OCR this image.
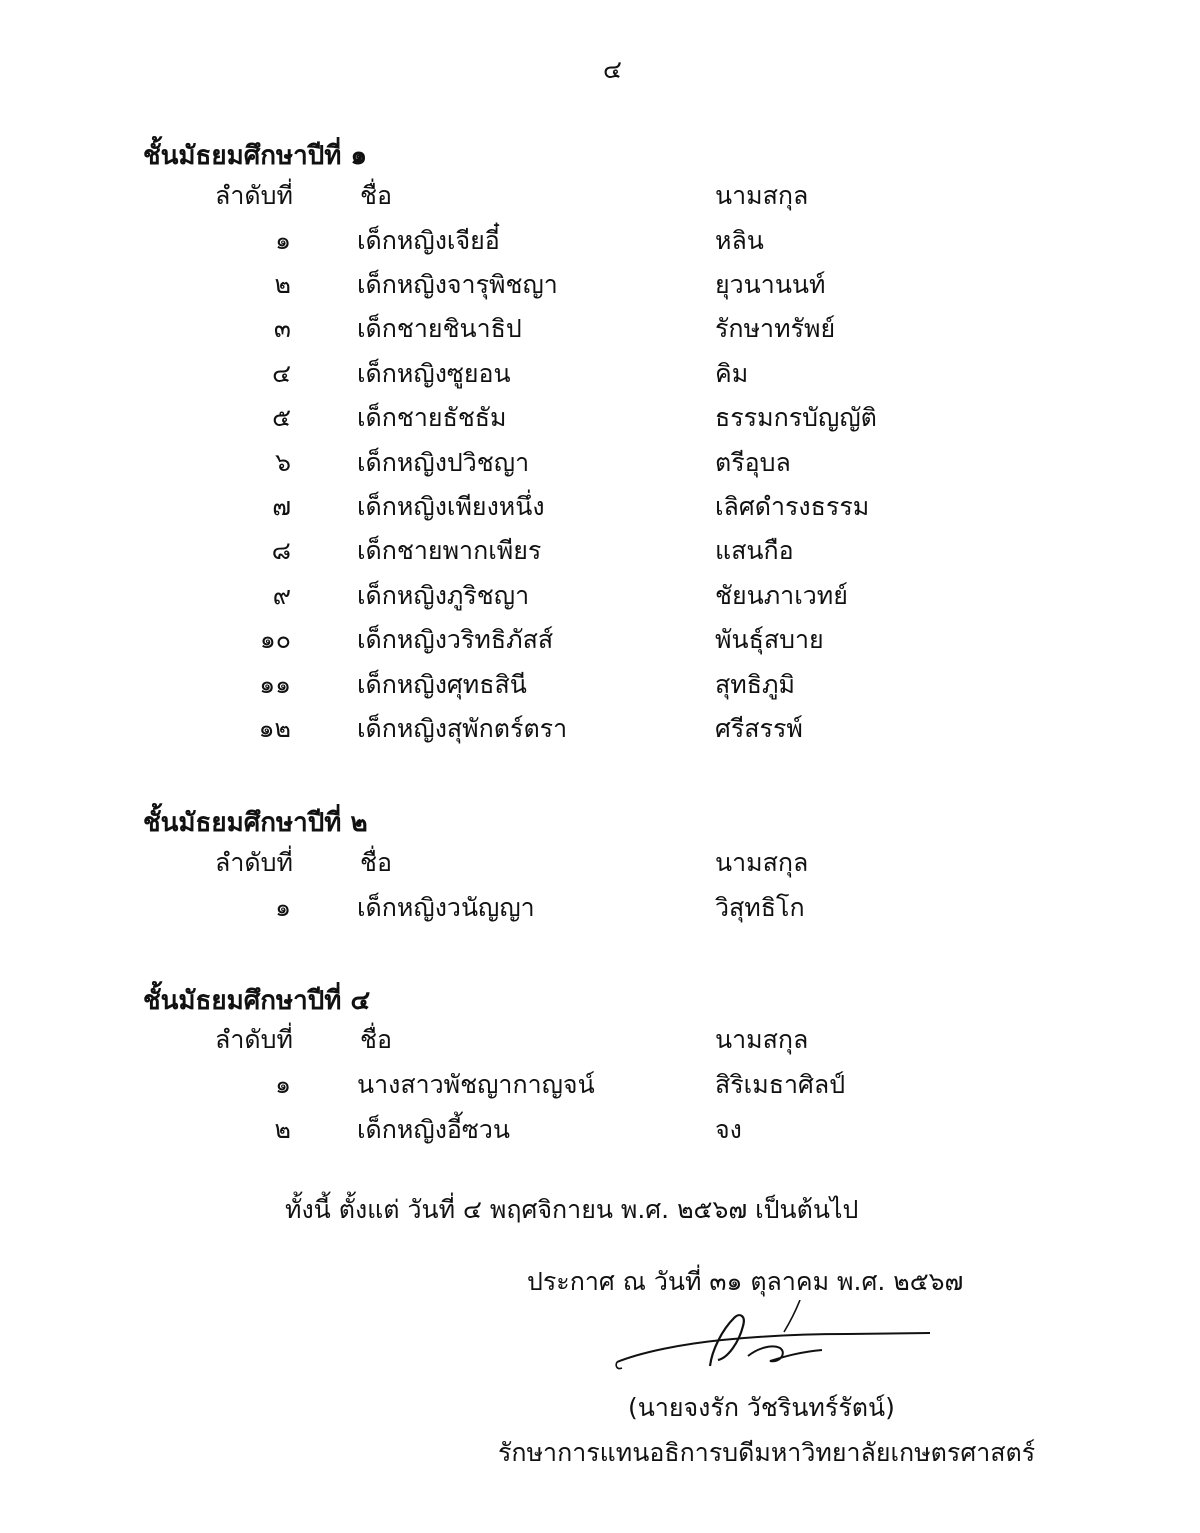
๔
ชั้นมัธยมศึกษาปีที่ ๑
ลำดับที่	ชื่อ	นามสกุล
๑	เด็กหญิงเจียอี๋	หลิน
๒	เด็กหญิงจารุพิชญา	ยุวนานนท์
๓	เด็กชายชินาธิป	รักษาทรัพย์
๔	เด็กหญิงซูยอน	คิม
๕	เด็กชายธัชธัม	ธรรมกรบัญญัติ
๖	เด็กหญิงปวิชญา	ตรีอุบล
๗	เด็กหญิงเพียงหนึ่ง	เลิศดำรงธรรม
๘	เด็กชายพากเพียร	แสนกือ
๙	เด็กหญิงภูริชญา	ชัยนภาเวทย์
๑๐	เด็กหญิงวริทธิภัสส์	พันธุ์สบาย
๑๑	เด็กหญิงศุทธสินี	สุทธิภูมิ
๑๒	เด็กหญิงสุพักตร์ตรา	ศรีสรรพ์
ชั้นมัธยมศึกษาปีที่ ๒
ลำดับที่	ชื่อ	นามสกุล
๑	เด็กหญิงวนัญญา	วิสุทธิโก
ชั้นมัธยมศึกษาปีที่ ๔
ลำดับที่	ชื่อ	นามสกุล
๑	นางสาวพัชญากาญจน์	สิริเมธาศิลป์
๒	เด็กหญิงอี้ซวน	จง
ทั้งนี้ ตั้งแต่ วันที่ ๔ พฤศจิกายน พ.ศ. ๒๕๖๗ เป็นต้นไป
ประกาศ ณ วันที่ ๓๑ ตุลาคม พ.ศ. ๒๕๖๗
(นายจงรัก วัชรินทร์รัตน์)
รักษาการแทนอธิการบดีมหาวิทยาลัยเกษตรศาสตร์
